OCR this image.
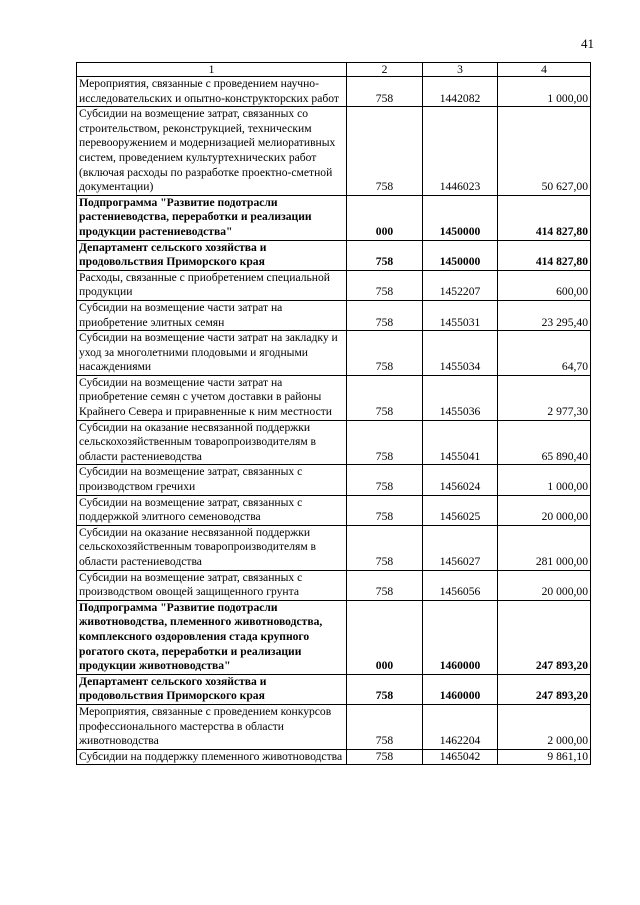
41
1	2	3	4
Мероприятия, связанные с проведением научно-исследовательских и опытно-конструкторских работ	758	1442082	1 000,00
Субсидии на возмещение затрат, связанных со строительством, реконструкцией, техническим перевооружением и модернизацией мелиоративных систем, проведением культуртехнических работ (включая расходы по разработке проектно-сметной документации)	758	1446023	50 627,00
Подпрограмма "Развитие подотрасли растениеводства, переработки и реализации продукции растениеводства"	000	1450000	414 827,80
Департамент сельского хозяйства и продовольствия Приморского края	758	1450000	414 827,80
Расходы, связанные с приобретением специальной продукции	758	1452207	600,00
Субсидии на возмещение части затрат на приобретение элитных семян	758	1455031	23 295,40
Субсидии на возмещение части затрат на закладку и уход за многолетними плодовыми и ягодными насаждениями	758	1455034	64,70
Субсидии на возмещение части затрат на приобретение семян с учетом доставки в районы Крайнего Севера и приравненные к ним местности	758	1455036	2 977,30
Субсидии на оказание несвязанной поддержки сельскохозяйственным товаропроизводителям в области растениеводства	758	1455041	65 890,40
Субсидии на возмещение затрат, связанных с производством гречихи	758	1456024	1 000,00
Субсидии на возмещение затрат, связанных с поддержкой элитного семеноводства	758	1456025	20 000,00
Субсидии на оказание несвязанной поддержки сельскохозяйственным товаропроизводителям в области растениеводства	758	1456027	281 000,00
Субсидии на возмещение затрат, связанных с производством овощей защищенного грунта	758	1456056	20 000,00
Подпрограмма "Развитие подотрасли животноводства, племенного животноводства, комплексного оздоровления стада крупного рогатого скота, переработки и реализации продукции животноводства"	000	1460000	247 893,20
Департамент сельского хозяйства и продовольствия Приморского края	758	1460000	247 893,20
Мероприятия, связанные с проведением конкурсов профессионального мастерства в области животноводства	758	1462204	2 000,00
Субсидии на поддержку племенного животноводства	758	1465042	9 861,10
